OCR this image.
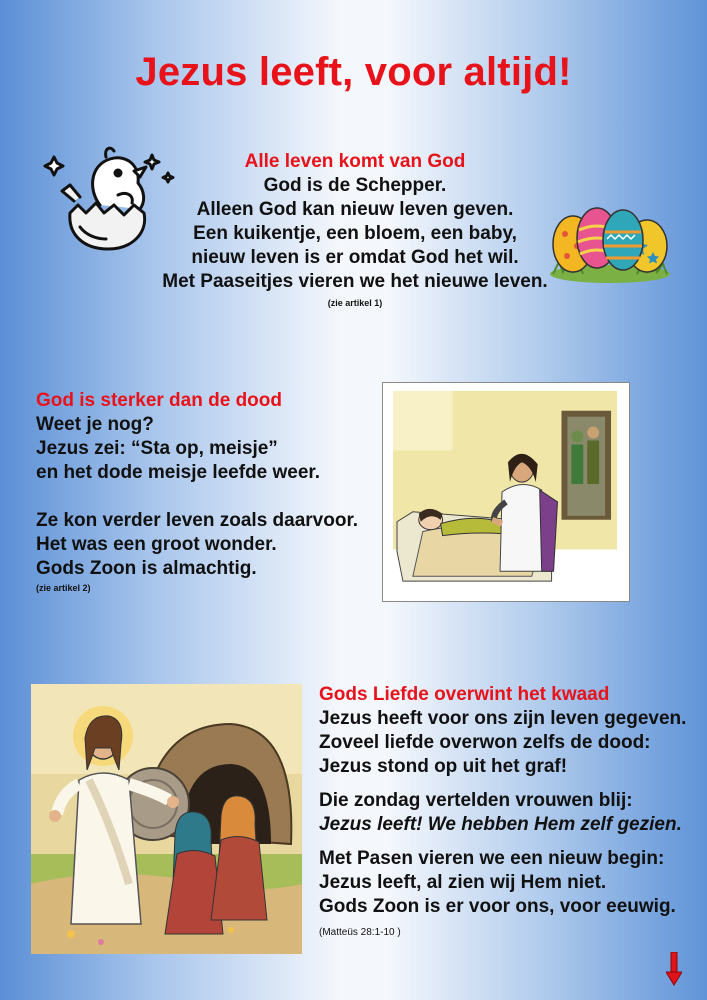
Jezus leeft, voor altijd!
Alle leven komt van God
God is de Schepper.
Alleen God kan nieuw leven geven.
Een kuikentje, een bloem, een baby,
nieuw leven is er omdat God het wil.
Met Paaseitjes vieren we het nieuwe leven.
(zie artikel 1)
God is sterker dan de dood
Weet je nog?
Jezus zei: “Sta op, meisje”
en het dode meisje leefde weer.
Ze kon verder leven zoals daarvoor.
Het was een groot wonder.
Gods Zoon is almachtig.
(zie artikel 2)
Gods Liefde overwint het kwaad
Jezus heeft voor ons zijn leven gegeven.
Zoveel liefde overwon zelfs de dood:
Jezus stond op uit het graf!
Die zondag vertelden vrouwen blij:
Jezus leeft! We hebben Hem zelf gezien.
Met Pasen vieren we een nieuw begin:
Jezus leeft, al zien wij Hem niet.
Gods Zoon is er voor ons, voor eeuwig.
(Matteüs 28:1-10 )
